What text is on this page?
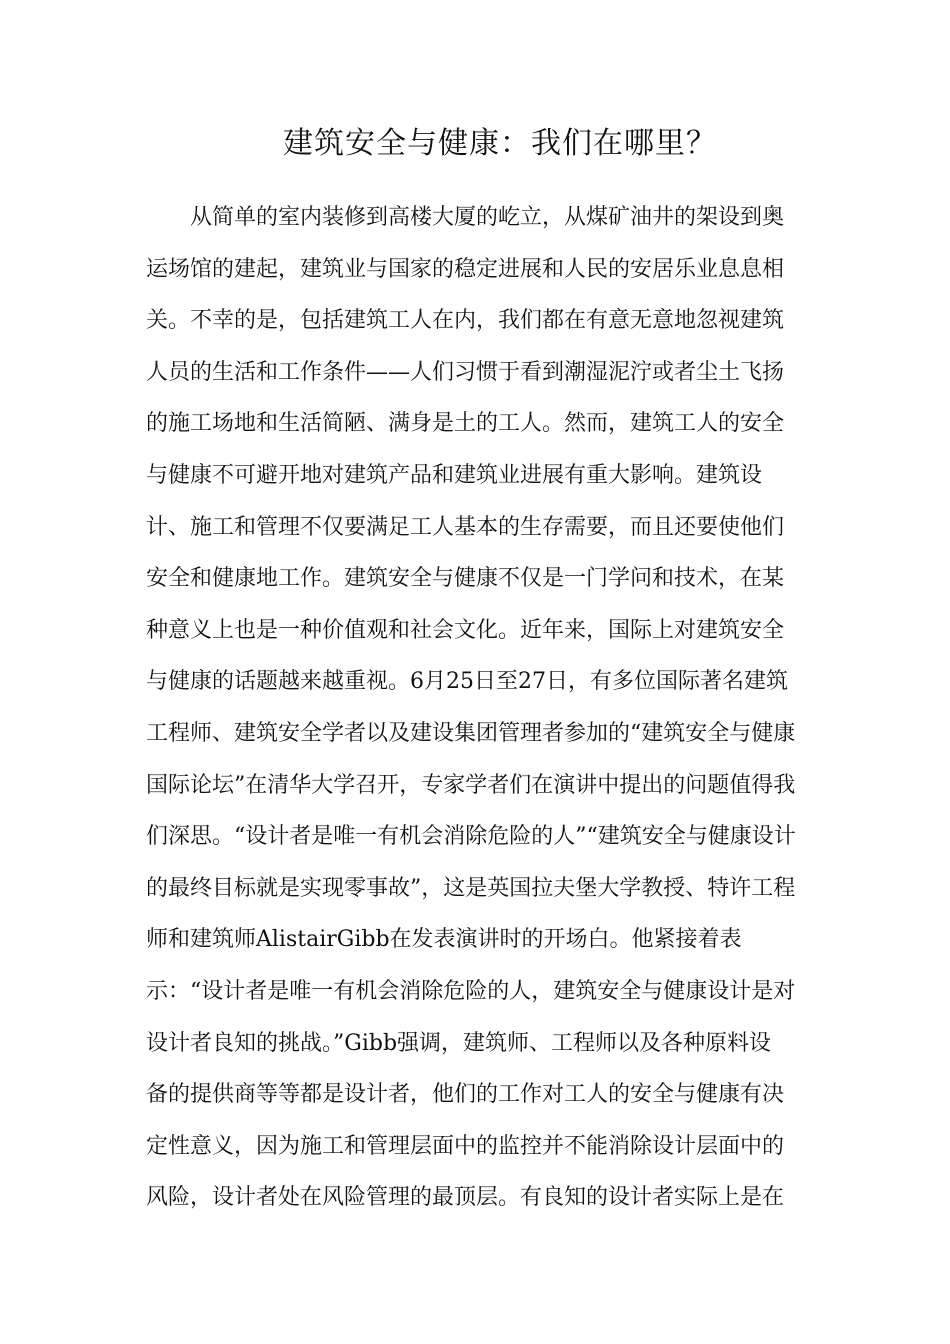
建筑安全与健康：我们在哪里？
从简单的室内装修到高楼大厦的屹立，从煤矿油井的架设到奥
运场馆的建起，建筑业与国家的稳定进展和人民的安居乐业息息相
关。不幸的是，包括建筑工人在内，我们都在有意无意地忽视建筑
人员的生活和工作条件——人们习惯于看到潮湿泥泞或者尘土飞扬
的施工场地和生活简陋、满身是土的工人。然而，建筑工人的安全
与健康不可避开地对建筑产品和建筑业进展有重大影响。建筑设
计、施工和管理不仅要满足工人基本的生存需要，而且还要使他们
安全和健康地工作。建筑安全与健康不仅是一门学问和技术，在某
种意义上也是一种价值观和社会文化。近年来，国际上对建筑安全
与健康的话题越来越重视。6月25日至27日，有多位国际著名建筑
工程师、建筑安全学者以及建设集团管理者参加的“建筑安全与健康
国际论坛”在清华大学召开，专家学者们在演讲中提出的问题值得我
们深思。“设计者是唯一有机会消除危险的人”“建筑安全与健康设计
的最终目标就是实现零事故”，这是英国拉夫堡大学教授、特许工程
师和建筑师AlistairGibb在发表演讲时的开场白。他紧接着表
示：“设计者是唯一有机会消除危险的人，建筑安全与健康设计是对
设计者良知的挑战。”Gibb强调，建筑师、工程师以及各种原料设
备的提供商等等都是设计者，他们的工作对工人的安全与健康有决
定性意义，因为施工和管理层面中的监控并不能消除设计层面中的
风险，设计者处在风险管理的最顶层。有良知的设计者实际上是在
